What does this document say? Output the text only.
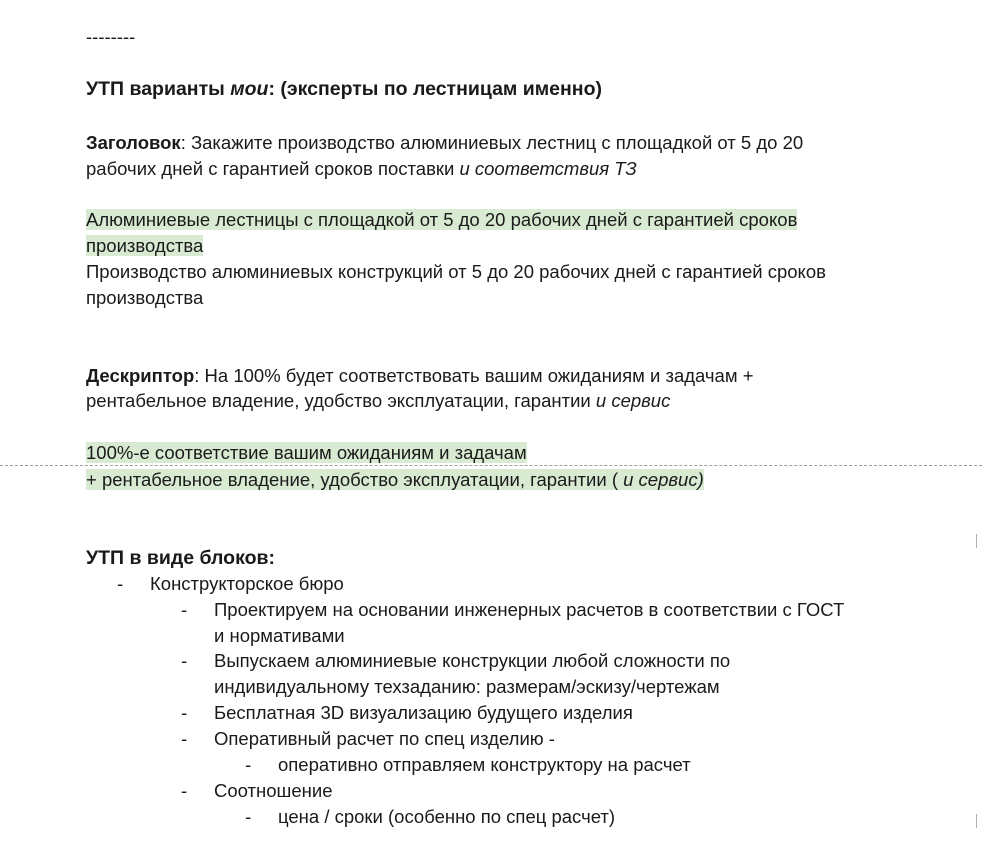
--------
УТП варианты мои: (эксперты по лестницам именно)
Заголовок: Закажите производство алюминиевых лестниц с площадкой от 5 до 20
рабочих дней с гарантией сроков поставки и соответствия ТЗ
Алюминиевые лестницы с площадкой от 5 до 20 рабочих дней с гарантией сроков
производства
Производство алюминиевых конструкций от 5 до 20 рабочих дней с гарантией сроков
производства
Дескриптор: На 100% будет соответствовать вашим ожиданиям и задачам +
рентабельное владение, удобство эксплуатации, гарантии и сервис
100%-е соответствие вашим ожиданиям и задачам
+ рентабельное владение, удобство эксплуатации, гарантии ( и сервис)
УТП в виде блоков:
- Конструкторское бюро
- Проектируем на основании инженерных расчетов в соответствии с ГОСТ
и нормативами
- Выпускаем алюминиевые конструкции любой сложности по
индивидуальному техзаданию: размерам/эскизу/чертежам
- Бесплатная 3D визуализацию будущего изделия
- Оперативный расчет по спец изделию -
- оперативно отправляем конструктору на расчет
- Соотношение
- цена / сроки (особенно по спец расчет)
